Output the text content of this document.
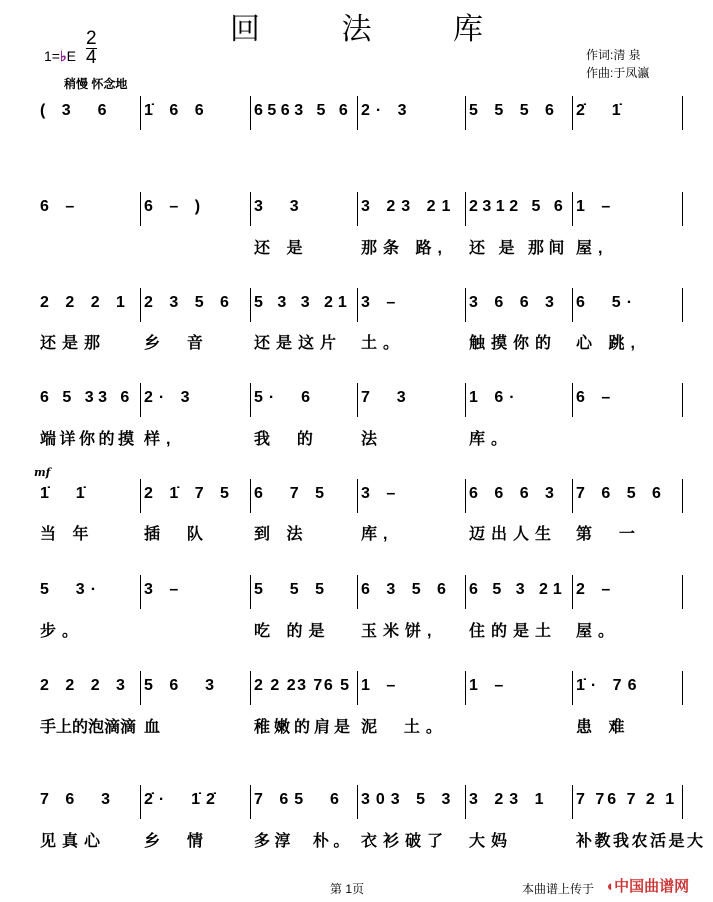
回 法 库
1=♭E
2
4
稍慢 怀念地
作词:清 泉
作曲:于凤瀛
mf
( 3  6 1̇ 6 6	6563 5 6 2· 3	5 5 5 6 2̇  1̇
6 –	6 – )	3  3
还 是
3 23 21
那条 路,
2312 5 6
还 是 那间
1 –
屋,
2 2 2 1
还是那
2 3 5 6
乡  音
5 3 3 21
还是这片
3 –
土。
3 6 6 3
触摸你的
6  5·
心 跳,
6 5 33 6
端详你的摸
2· 3
样,
5·  6
我  的
7  3
法
1 6·
库。
6 –
1̇  1̇
当 年
2 1̇ 7 5
插  队
6  7 5
到 法
3 –
库,
6 6 6 3
迈出人生
7 6 5 6
第  一
5  3·
步。
3 –	5  5 5
吃 的是
6 3 5 6
玉米饼,
6 5 3 21
住的是土
2 –
屋。
2 2 2 3
手上的泡滴滴
5 6  3
血
2 2 23 76 5
稚嫩的肩是
1 –
泥  土。
1 –	1̇· 76
患 难
7 6  3
见真心
2̇·  1̇2̇
乡  情
7 65  6
多淳  朴。
303 5 3
衣衫破了
3 23 1
大妈
7 76 7 2 1
补教我农活是大
第 1页	本曲谱上传于 ◖中国曲谱网
